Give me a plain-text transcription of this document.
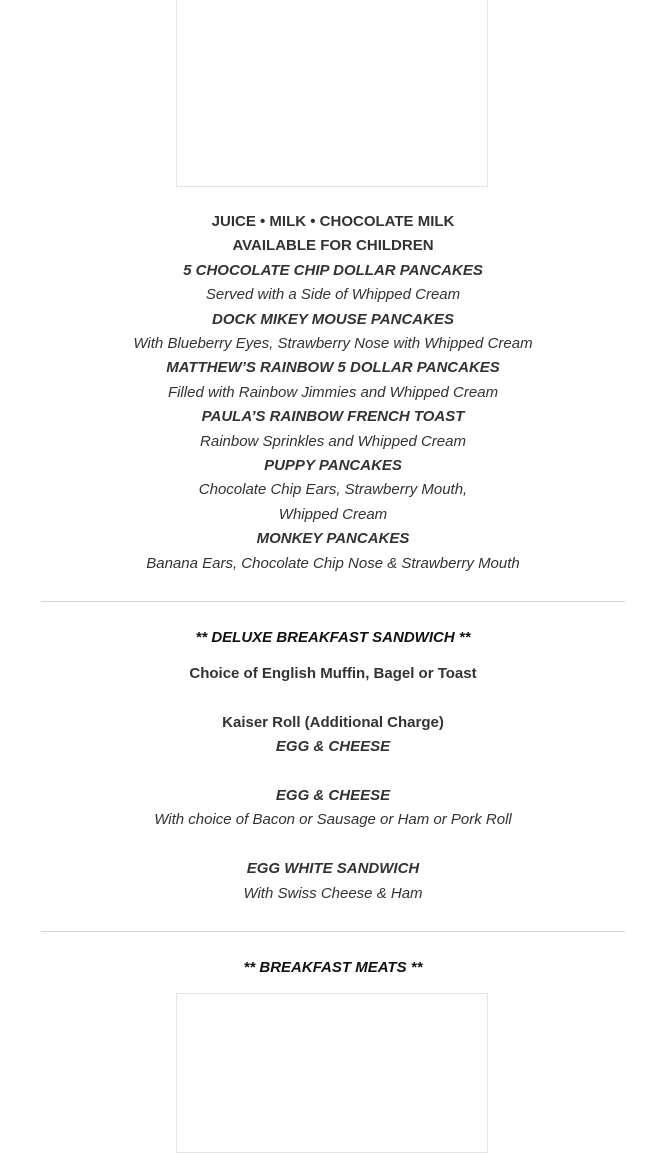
JUICE • MILK • CHOCOLATE MILK
AVAILABLE FOR CHILDREN
5 CHOCOLATE CHIP DOLLAR PANCAKES
Served with a Side of Whipped Cream
DOCK MIKEY MOUSE PANCAKES
With Blueberry Eyes, Strawberry Nose with Whipped Cream
MATTHEW’S RAINBOW 5 DOLLAR PANCAKES
Filled with Rainbow Jimmies and Whipped Cream
PAULA’S RAINBOW FRENCH TOAST
Rainbow Sprinkles and Whipped Cream
PUPPY PANCAKES
Chocolate Chip Ears, Strawberry Mouth,
Whipped Cream
MONKEY PANCAKES
Banana Ears, Chocolate Chip Nose & Strawberry Mouth
** DELUXE BREAKFAST SANDWICH **
Choice of English Muffin, Bagel or Toast
Kaiser Roll (Additional Charge)
EGG & CHEESE
EGG & CHEESE
With choice of Bacon or Sausage or Ham or Pork Roll
EGG WHITE SANDWICH
With Swiss Cheese & Ham
** BREAKFAST MEATS **
